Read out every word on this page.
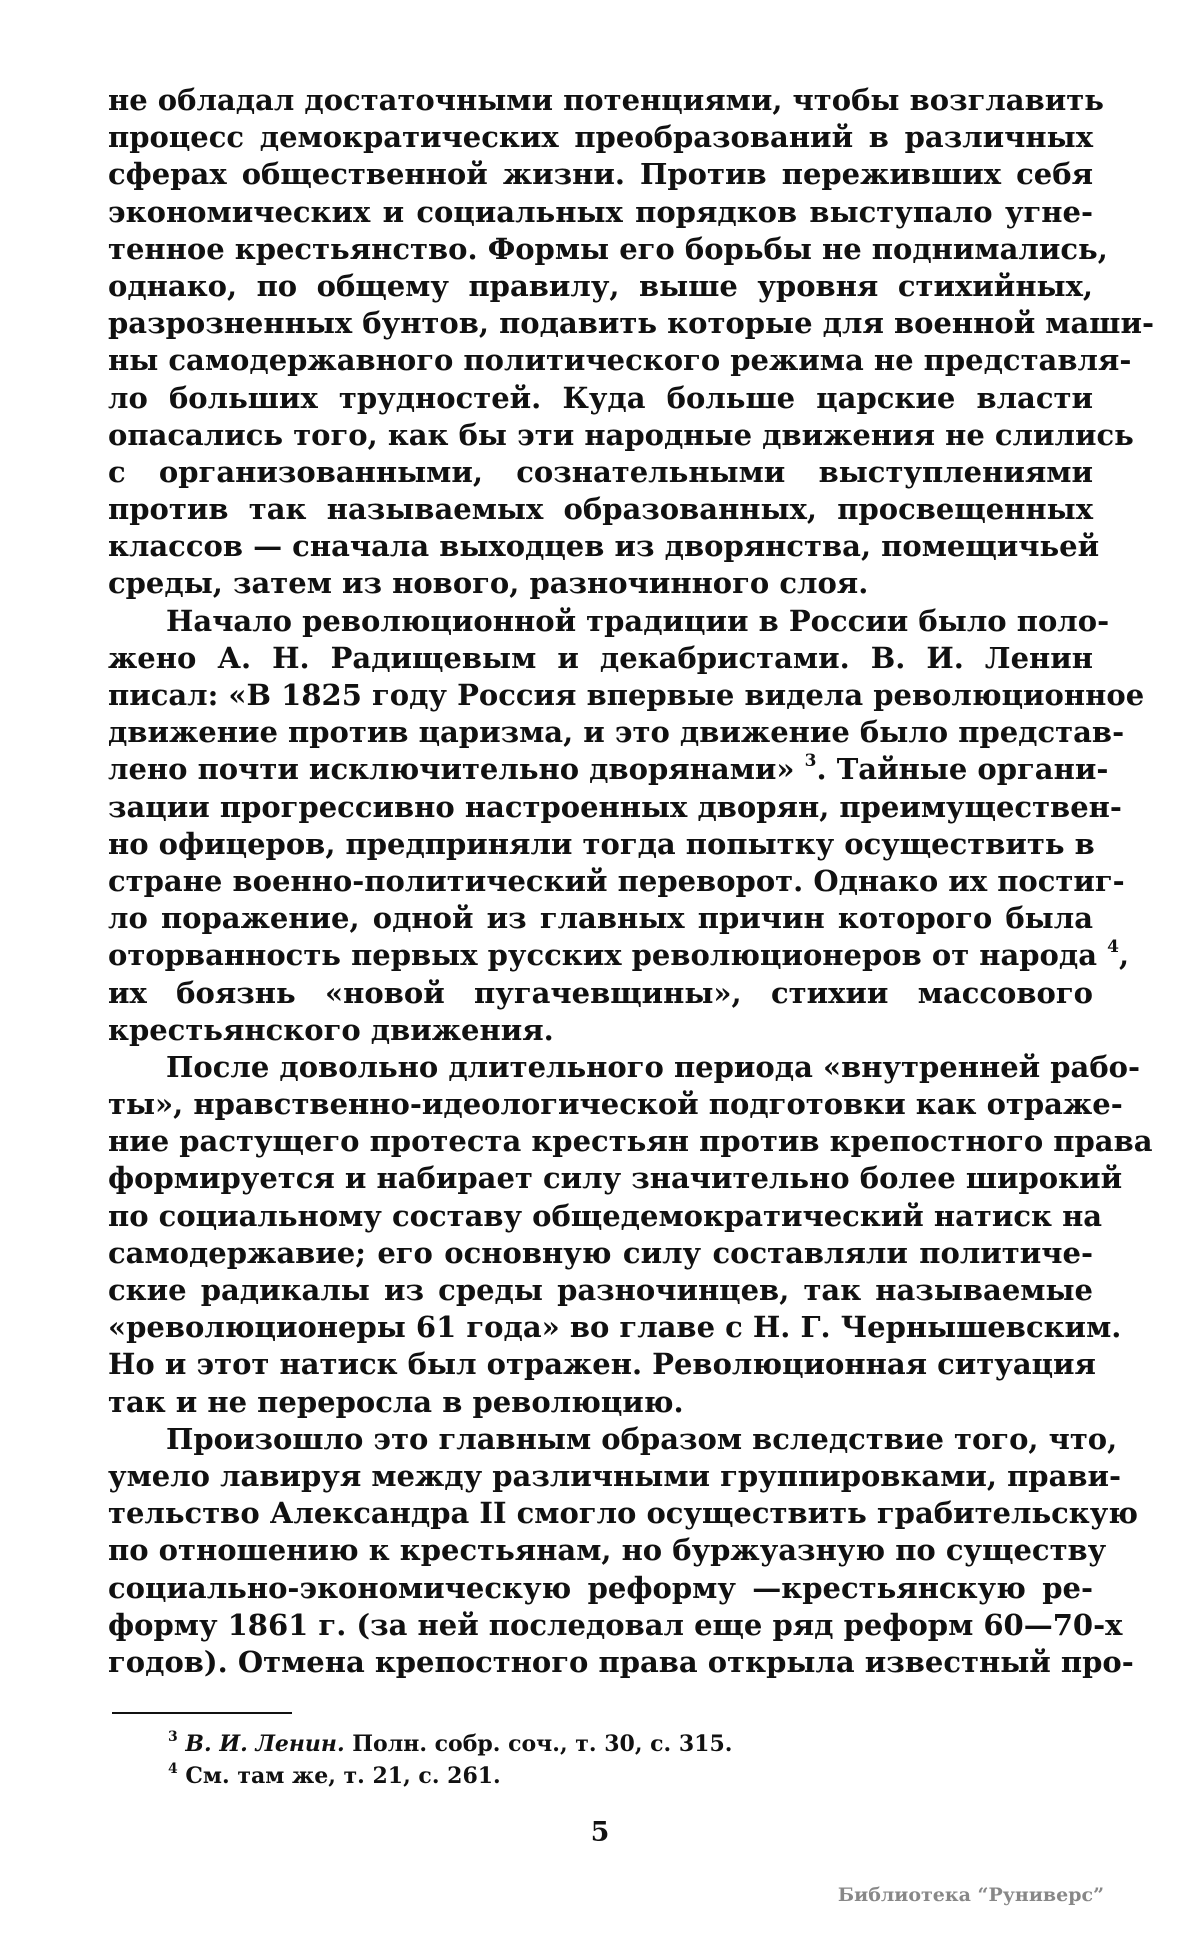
не обладал достаточными потенциями, чтобы возглавить
процесс демократических преобразований в различных
сферах общественной жизни. Против переживших себя
экономических и социальных порядков выступало угне-
тенное крестьянство. Формы его борьбы не поднимались,
однако, по общему правилу, выше уровня стихийных,
разрозненных бунтов, подавить которые для военной маши-
ны самодержавного политического режима не представля-
ло больших трудностей. Куда больше царские власти
опасались того, как бы эти народные движения не слились
с организованными, сознательными выступлениями
против так называемых образованных, просвещенных
классов — сначала выходцев из дворянства, помещичьей
среды, затем из нового, разночинного слоя.
Начало революционной традиции в России было поло-
жено А. Н. Радищевым и декабристами. В. И. Ленин
писал: «В 1825 году Россия впервые видела революционное
движение против царизма, и это движение было представ-
лено почти исключительно дворянами» $^3$. Тайные органи-
зации прогрессивно настроенных дворян, преимуществен-
но офицеров, предприняли тогда попытку осуществить в
стране военно-политический переворот. Однако их постиг-
ло поражение, одной из главных причин которого была
оторванность первых русских революционеров от народа $^4$,
их боязнь «новой пугачевщины», стихии массового
крестьянского движения.
После довольно длительного периода «внутренней рабо-
ты», нравственно-идеологической подготовки как отраже-
ние растущего протеста крестьян против крепостного права
формируется и набирает силу значительно более широкий
по социальному составу общедемократический натиск на
самодержавие; его основную силу составляли политиче-
ские радикалы из среды разночинцев, так называемые
«революционеры 61 года» во главе с Н. Г. Чернышевским.
Но и этот натиск был отражен. Революционная ситуация
так и не переросла в революцию.
Произошло это главным образом вследствие того, что,
умело лавируя между различными группировками, прави-
тельство Александра II смогло осуществить грабительскую
по отношению к крестьянам, но буржуазную по существу
социально-экономическую реформу —крестьянскую ре-
форму 1861 г. (за ней последовал еще ряд реформ 60—70-х
годов). Отмена крепостного права открыла известный про-
$^3$ В. И. Ленин. Полн. собр. соч., т. 30, с. 315.
$^4$ См. там же, т. 21, с. 261.
5
Библиотека “Руниверс”
